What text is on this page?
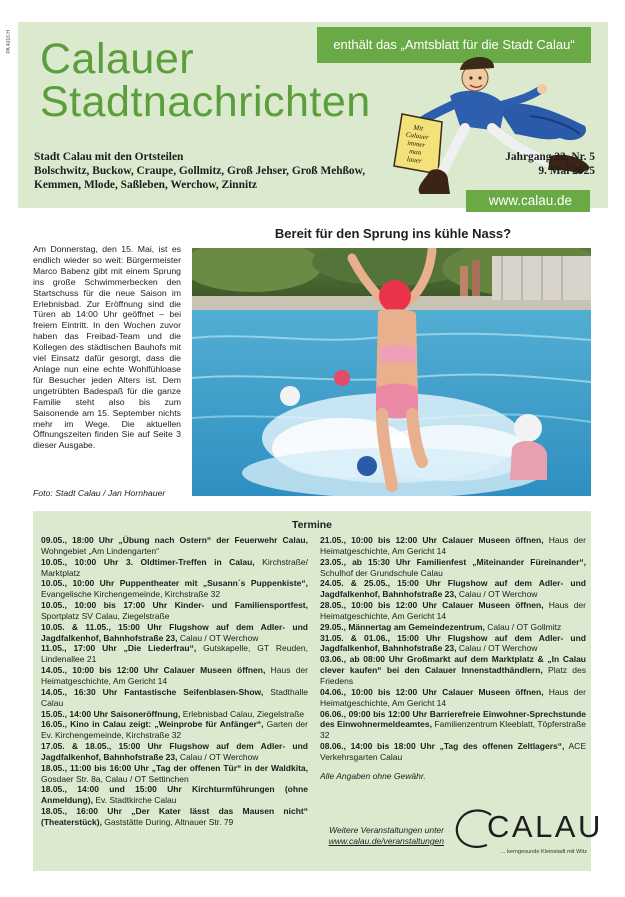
PA 4016 H Calauer
Stadtnachrichten
enthält das „Amtsblatt für die Stadt Calau“
Mit
Calauer
immer
man
lauer
Stadt Calau mit den Ortsteilen
Bolschwitz, Buckow, Craupe, Gollmitz, Groß Jehser, Groß Mehßow,
Kemmen, Mlode, Saßleben, Werchow, Zinnitz
Jahrgang 22, Nr. 5
9. Mai 2025
www.calau.de
Bereit für den Sprung ins kühle Nass?
Am Donnerstag, den 15. Mai, ist es endlich wieder so weit: Bürgermeister Marco Babenz gibt mit einem Sprung ins große Schwimmerbecken den Startschuss für die neue Saison im Erlebnisbad. Zur Eröffnung sind die Türen ab 14:00 Uhr geöffnet – bei freiem Eintritt. In den Wochen zuvor haben das Freibad-Team und die Kollegen des städtischen Bauhofs mit viel Einsatz dafür gesorgt, dass die Anlage nun eine echte Wohlfühloase für Besucher jeden Alters ist. Dem ungetrübten Badespaß für die ganze Familie steht also bis zum Saisonende am 15. September nichts mehr im Wege. Die aktuellen Öffnungszeiten finden Sie auf Seite 3 dieser Ausgabe.
Foto: Stadt Calau / Jan Hornhauer
Termine
09.05., 18:00 Uhr „Übung nach Ostern“ der Feuerwehr Calau, Wohngebiet „Am Lindengarten“
10.05., 10:00 Uhr 3. Oldtimer-Treffen in Calau, Kirchstraße/ Marktplatz
10.05., 10:00 Uhr Puppentheater mit „Susann´s Puppenkiste“, Evangelische Kirchengemeinde, Kirchstraße 32
10.05., 10:00 bis 17:00 Uhr Kinder- und Familiensportfest, Sportplatz SV Calau, Ziegelstraße
10.05. & 11.05., 15:00 Uhr Flugshow auf dem Adler- und Jagdfalkenhof, Bahnhofstraße 23, Calau / OT Werchow
11.05., 17:00 Uhr „Die Liederfrau“, Gutskapelle, GT Reuden, Lindenallee 21
14.05., 10:00 bis 12:00 Uhr Calauer Museen öffnen, Haus der Heimatgeschichte, Am Gericht 14
14.05., 16:30 Uhr Fantastische Seifenblasen-Show, Stadthalle Calau
15.05., 14:00 Uhr Saisoneröffnung, Erlebnisbad Calau, Ziegelstraße
16.05., Kino in Calau zeigt: „Weinprobe für Anfänger“, Garten der Ev. Kirchengemeinde, Kirchstraße 32
17.05. & 18.05., 15:00 Uhr Flugshow auf dem Adler- und Jagdfalkenhof, Bahnhofstraße 23, Calau / OT Werchow
18.05., 11:00 bis 16:00 Uhr „Tag der offenen Tür“ in der Waldkita, Gosdaer Str. 8a, Calau / OT Settinchen
18.05., 14:00 und 15:00 Uhr Kirchturmführungen (ohne Anmeldung), Ev. Stadtkirche Calau
18.05., 16:00 Uhr „Der Kater lässt das Mausen nicht“ (Theaterstück), Gaststätte During, Altnauer Str. 79
21.05., 10:00 bis 12:00 Uhr Calauer Museen öffnen, Haus der Heimatgeschichte, Am Gericht 14
23.05., ab 15:30 Uhr Familienfest „Miteinander Füreinander“, Schulhof der Grundschule Calau
24.05. & 25.05., 15:00 Uhr Flugshow auf dem Adler- und Jagdfalkenhof, Bahnhofstraße 23, Calau / OT Werchow
28.05., 10:00 bis 12:00 Uhr Calauer Museen öffnen, Haus der Heimatgeschichte, Am Gericht 14
29.05., Männertag am Gemeindezentrum, Calau / OT Gollmitz
31.05. & 01.06., 15:00 Uhr Flugshow auf dem Adler- und Jagdfalkenhof, Bahnhofstraße 23, Calau / OT Werchow
03.06., ab 08:00 Uhr Großmarkt auf dem Marktplatz & „In Calau clever kaufen“ bei den Calauer Innenstadthändlern, Platz des Friedens
04.06., 10:00 bis 12:00 Uhr Calauer Museen öffnen, Haus der Heimatgeschichte, Am Gericht 14
06.06., 09:00 bis 12:00 Uhr Barrierefreie Einwohner-Sprechstunde des Einwohnermeldeamtes, Familienzentrum Kleeblatt, Töpferstraße 32
08.06., 14:00 bis 18:00 Uhr „Tag des offenen Zeltlagers“, ACE Verkehrsgarten Calau
Alle Angaben ohne Gewähr.
Weitere Veranstaltungen unter
www.calau.de/veranstaltungen CALAU
... kerngesunde Kleinstadt mit Witz
